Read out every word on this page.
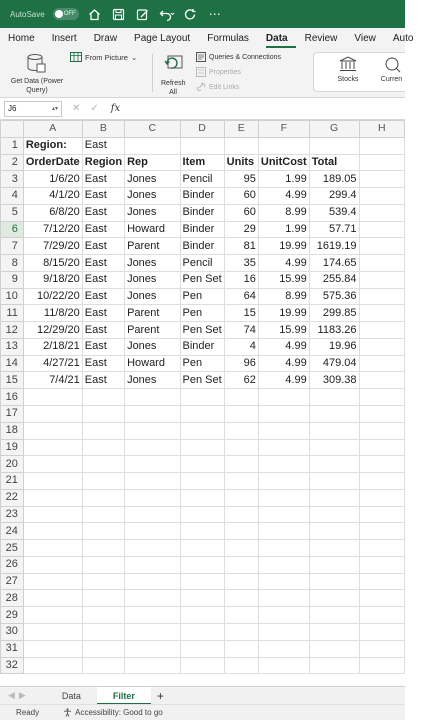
AutoSave	OFF	⋯
Home	Insert	Draw	Page Layout	Formulas	Data	Review	View	Auto
Get Data (Power Query)
From Picture ⌄
Refresh All
Queries & Connections
Properties
Edit Links
Stocks	Curren
J6	▴▾ ✕ ✓ fx
	A	B	C	D	E	F	G	H
1	Region:	East						
2	OrderDate	Region	Rep	Item	Units	UnitCost	Total	
3	1/6/20	East	Jones	Pencil	95	1.99	189.05	
4	4/1/20	East	Jones	Binder	60	4.99	299.4	
5	6/8/20	East	Jones	Binder	60	8.99	539.4	
6	7/12/20	East	Howard	Binder	29	1.99	57.71	
7	7/29/20	East	Parent	Binder	81	19.99	1619.19	
8	8/15/20	East	Jones	Pencil	35	4.99	174.65	
9	9/18/20	East	Jones	Pen Set	16	15.99	255.84	
10	10/22/20	East	Jones	Pen	64	8.99	575.36	
11	11/8/20	East	Parent	Pen	15	19.99	299.85	
12	12/29/20	East	Parent	Pen Set	74	15.99	1183.26	
13	2/18/21	East	Jones	Binder	4	4.99	19.96	
14	4/27/21	East	Howard	Pen	96	4.99	479.04	
15	7/4/21	East	Jones	Pen Set	62	4.99	309.38	
16								
17								
18								
19								
20								
21								
22								
23								
24								
25								
26								
27								
28								
29								
30								
31								
32								
◀ ▶	Data	Filter	+
Ready	Accessibility: Good to go
